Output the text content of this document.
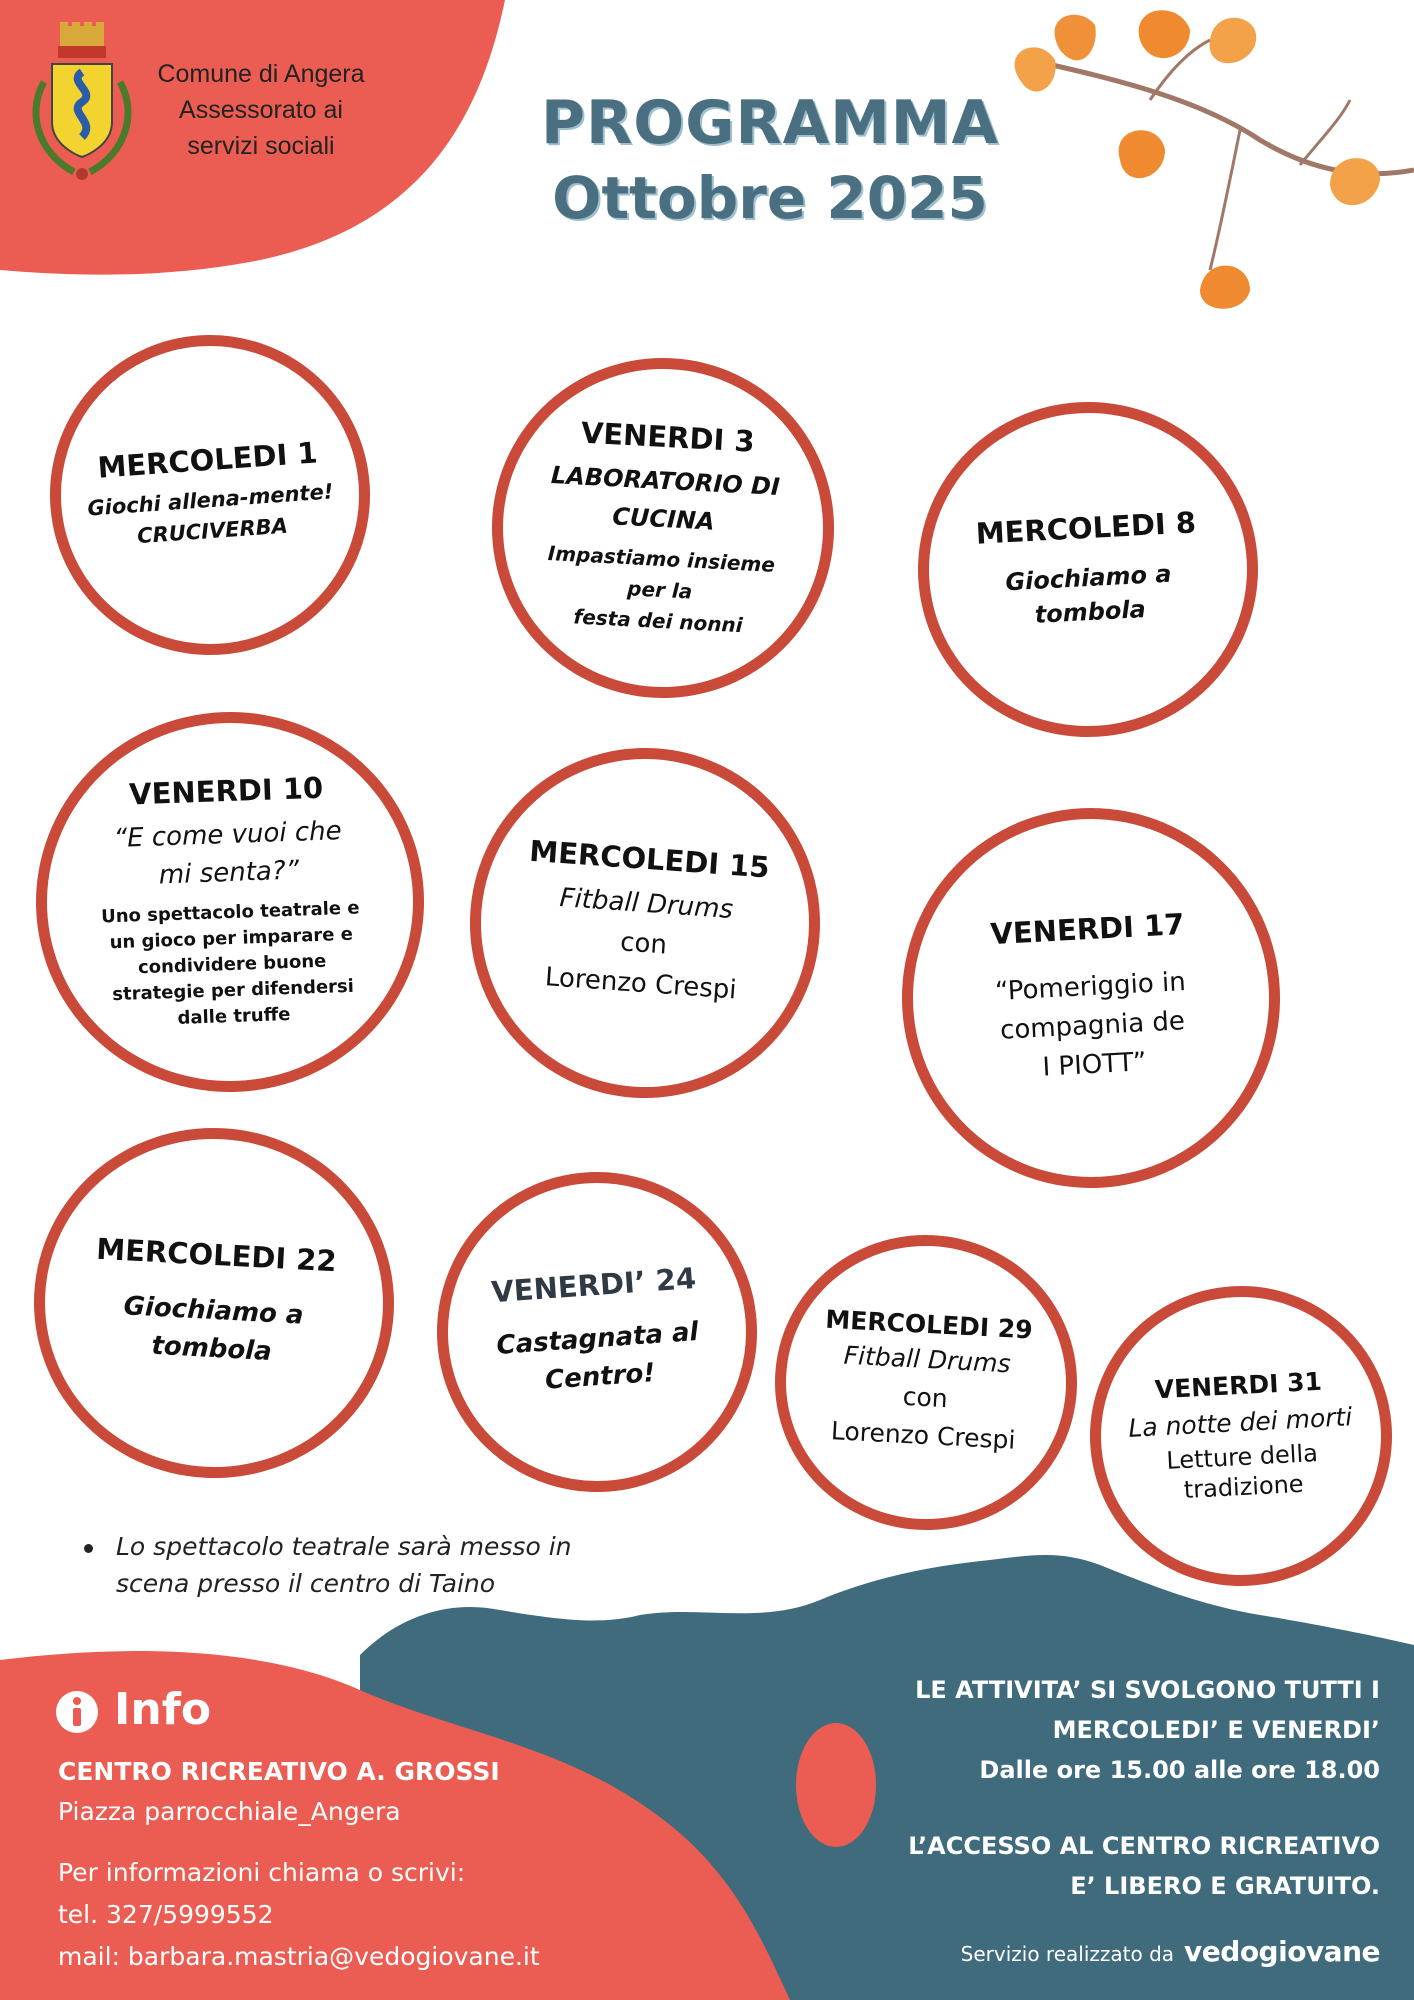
Comune di Angera
Assessorato ai
servizi sociali	PROGRAMMA
Ottobre 2025
MERCOLEDI 1
Giochi allena-mente!
CRUCIVERBA
VENERDI 3
LABORATORIO DI
CUCINA
Impastiamo insieme
per la
festa dei nonni
MERCOLEDI 8
Giochiamo a
tombola
VENERDI 10
“E come vuoi che
mi senta?”
Uno spettacolo teatrale e
un gioco per imparare e
condividere buone
strategie per difendersi
dalle truffe
MERCOLEDI 15
Fitball Drums
con
Lorenzo Crespi
VENERDI 17
“Pomeriggio in
compagnia de
I PIOTT”
MERCOLEDI 22
Giochiamo a
tombola
VENERDI’ 24
Castagnata al
Centro!
MERCOLEDI 29
Fitball Drums
con
Lorenzo Crespi
VENERDI 31
La notte dei morti
Letture della
tradizione
Lo spettacolo teatrale sarà messo in
scena presso il centro di Taino
Info
CENTRO RICREATIVO A. GROSSI
Piazza parrocchiale_Angera
Per informazioni chiama o scrivi:
tel. 327/5999552
mail: barbara.mastria@vedogiovane.it
LE ATTIVITA’ SI SVOLGONO TUTTI I
MERCOLEDI’ E VENERDI’
Dalle ore 15.00 alle ore 18.00
L’ACCESSO AL CENTRO RICREATIVO
E’ LIBERO E GRATUITO.
Servizio realizzato da vedogiovane
